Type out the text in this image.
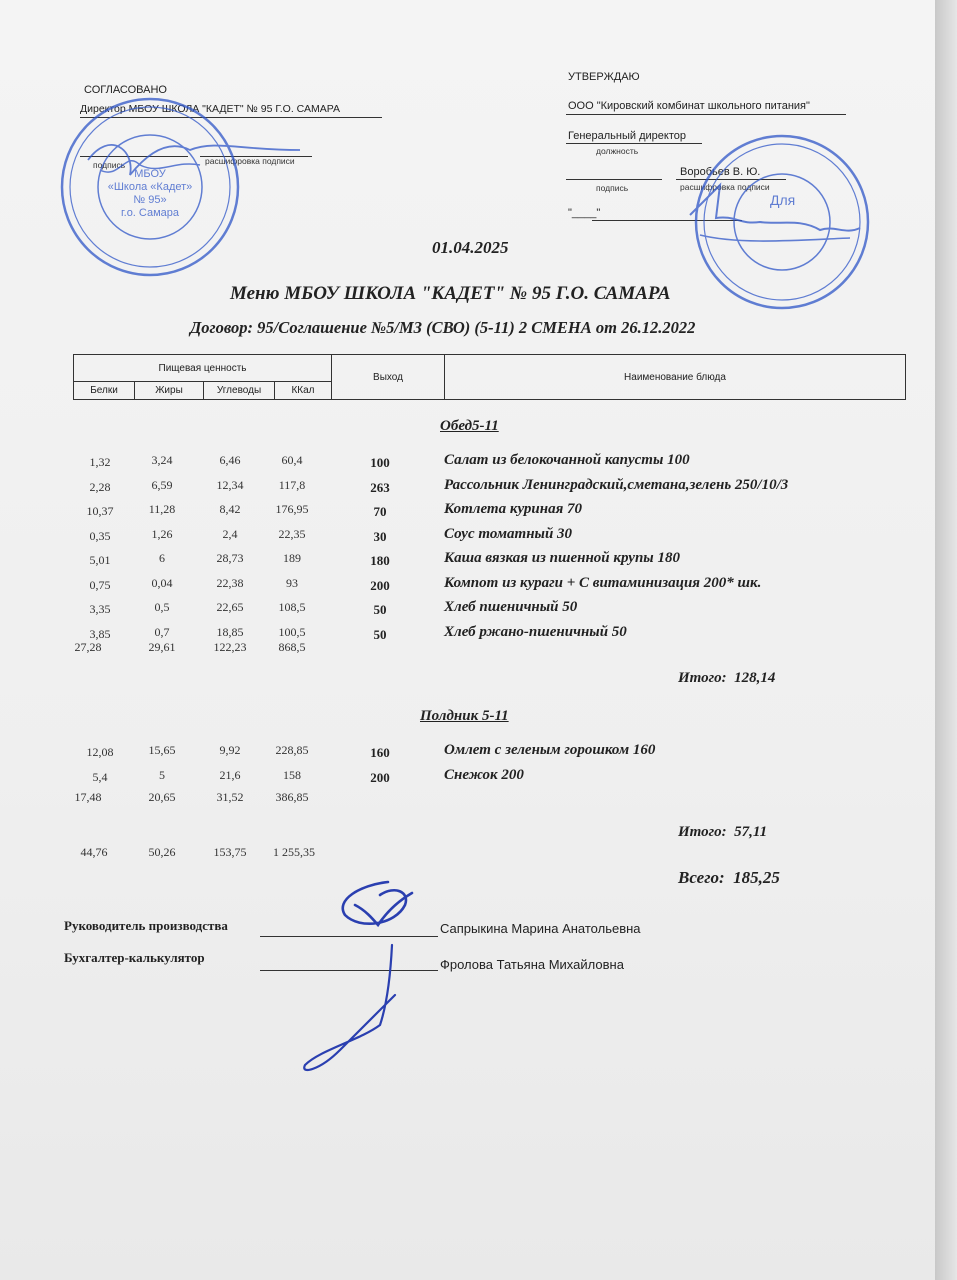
СОГЛАСОВАНО
Директор МБОУ ШКОЛА "КАДЕТ" № 95 Г.О. САМАРА
подпись	расшифровка подписи
УТВЕРЖДАЮ
ООО "Кировский комбинат школьного питания"
Генеральный директор
должность
Воробьев В. Ю.
подпись	расшифровка подписи
"____"
01.04.2025
Меню МБОУ ШКОЛА "КАДЕТ" № 95 Г.О. САМАРА
Договор: 95/Соглашение №5/МЗ (СВО) (5-11) 2 СМЕНА от 26.12.2022
Пищевая ценность				Выход	Наименование блюда
Белки	Жиры	Углеводы	ККал		
Обед5-11
1,32	3,24	6,46	60,4	100	Салат из белокочанной капусты 100
2,28	6,59	12,34	117,8	263	Рассольник Ленинградский,сметана,зелень 250/10/3
10,37	11,28	8,42	176,95	70	Котлета куриная 70
0,35	1,26	2,4	22,35	30	Соус томатный 30
5,01	6	28,73	189	180	Каша вязкая из пшенной крупы 180
0,75	0,04	22,38	93	200	Компот из кураги + С витаминизация 200* шк.
3,35	0,5	22,65	108,5	50	Хлеб пшеничный 50
3,85	0,7	18,85	100,5	50	Хлеб ржано-пшеничный 50
27,28	29,61	122,23	868,5
Итого: 128,14
Полдник 5-11
12,08	15,65	9,92	228,85	160	Омлет с зеленым горошком 160
5,4	5	21,6	158	200	Снежок 200
17,48	20,65	31,52	386,85
Итого: 57,11
44,76	50,26	153,75	1 255,35
Всего: 185,25
Руководитель производства	Сапрыкина Марина Анатольевна
Бухгалтер-калькулятор	Фролова Татьяна Михайловна
МБОУ
«Школа «Кадет»
№ 95»
г.о. Самара
Для
